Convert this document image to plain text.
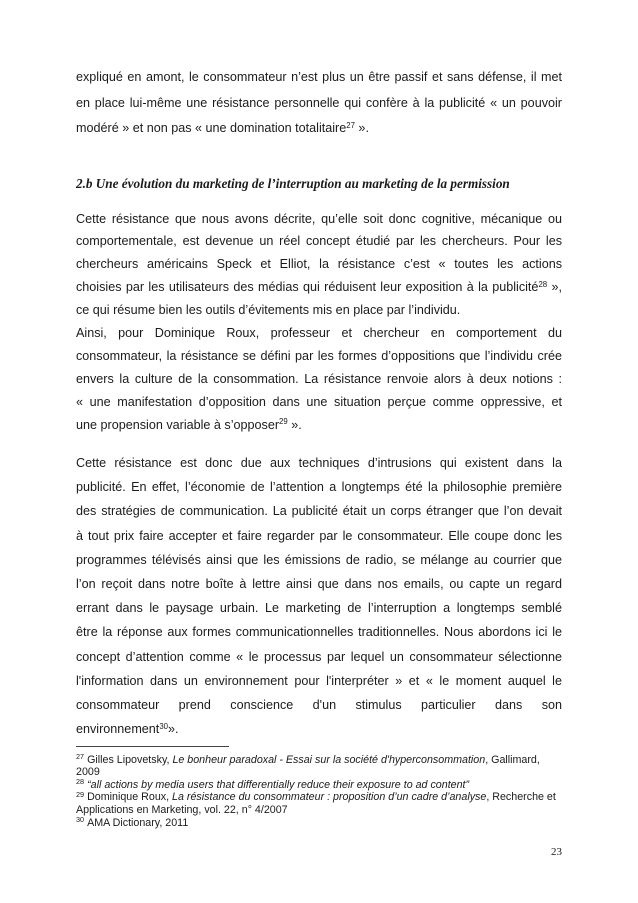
expliqué en amont, le consommateur n’est plus un être passif et sans défense, il met
en place lui-même une résistance personnelle qui confère à la publicité « un pouvoir
modéré » et non pas « une domination totalitaire$^{27}$ ».
2.b Une évolution du marketing de l’interruption au marketing de la permission
Cette résistance que nous avons décrite, qu’elle soit donc cognitive, mécanique ou
comportementale, est devenue un réel concept étudié par les chercheurs. Pour les
chercheurs américains Speck et Elliot, la résistance c’est « toutes les actions
choisies par les utilisateurs des médias qui réduisent leur exposition à la publicité$^{28}$ »,
ce qui résume bien les outils d’évitements mis en place par l’individu.
Ainsi, pour Dominique Roux, professeur et chercheur en comportement du
consommateur, la résistance se défini par les formes d’oppositions que l’individu crée
envers la culture de la consommation. La résistance renvoie alors à deux notions :
« une manifestation d’opposition dans une situation perçue comme oppressive, et
une propension variable à s’opposer$^{29}$ ».
Cette résistance est donc due aux techniques d’intrusions qui existent dans la
publicité. En effet, l’économie de l’attention a longtemps été la philosophie première
des stratégies de communication. La publicité était un corps étranger que l’on devait
à tout prix faire accepter et faire regarder par le consommateur. Elle coupe donc les
programmes télévisés ainsi que les émissions de radio, se mélange au courrier que
l’on reçoit dans notre boîte à lettre ainsi que dans nos emails, ou capte un regard
errant dans le paysage urbain. Le marketing de l’interruption a longtemps semblé
être la réponse aux formes communicationnelles traditionnelles. Nous abordons ici le
concept d’attention comme « le processus par lequel un consommateur sélectionne
l'information dans un environnement pour l'interpréter » et « le moment auquel le
consommateur prend conscience d'un stimulus particulier dans son
environnement$^{30}$».
$^{27}$ Gilles Lipovetsky, Le bonheur paradoxal - Essai sur la société d'hyperconsommation, Gallimard,
2009
$^{28}$ “all actions by media users that differentially reduce their exposure to ad content”
$^{29}$ Dominique Roux, La résistance du consommateur : proposition d’un cadre d’analyse, Recherche et
Applications en Marketing, vol. 22, n° 4/2007
$^{30}$ AMA Dictionary, 2011
23
